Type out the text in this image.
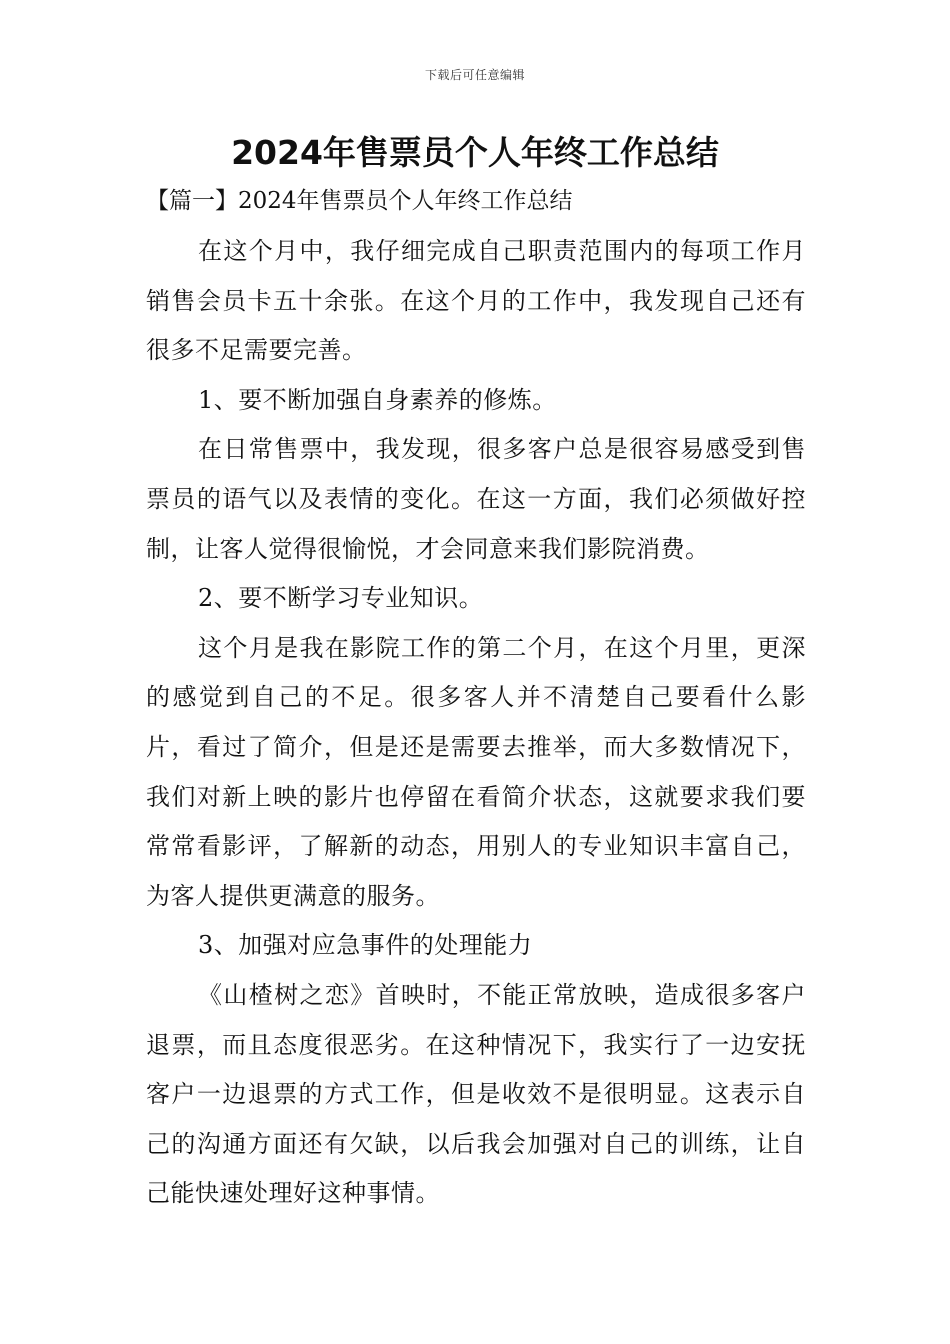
下载后可任意编辑
2024年售票员个人年终工作总结
【篇一】2024年售票员个人年终工作总结

在这个月中，我仔细完成自己职责范围内的每项工作月销售会员卡五十余张。在这个月的工作中，我发现自己还有很多不足需要完善。

1、要不断加强自身素养的修炼。

在日常售票中，我发现，很多客户总是很容易感受到售票员的语气以及表情的变化。在这一方面，我们必须做好控制，让客人觉得很愉悦，才会同意来我们影院消费。

2、要不断学习专业知识。

这个月是我在影院工作的第二个月，在这个月里，更深的感觉到自己的不足。很多客人并不清楚自己要看什么影片，看过了简介，但是还是需要去推举，而大多数情况下，我们对新上映的影片也停留在看简介状态，这就要求我们要常常看影评，了解新的动态，用别人的专业知识丰富自己，为客人提供更满意的服务。

3、加强对应急事件的处理能力

《山楂树之恋》首映时，不能正常放映，造成很多客户退票，而且态度很恶劣。在这种情况下，我实行了一边安抚客户一边退票的方式工作，但是收效不是很明显。这表示自己的沟通方面还有欠缺，以后我会加强对自己的训练，让自己能快速处理好这种事情。
